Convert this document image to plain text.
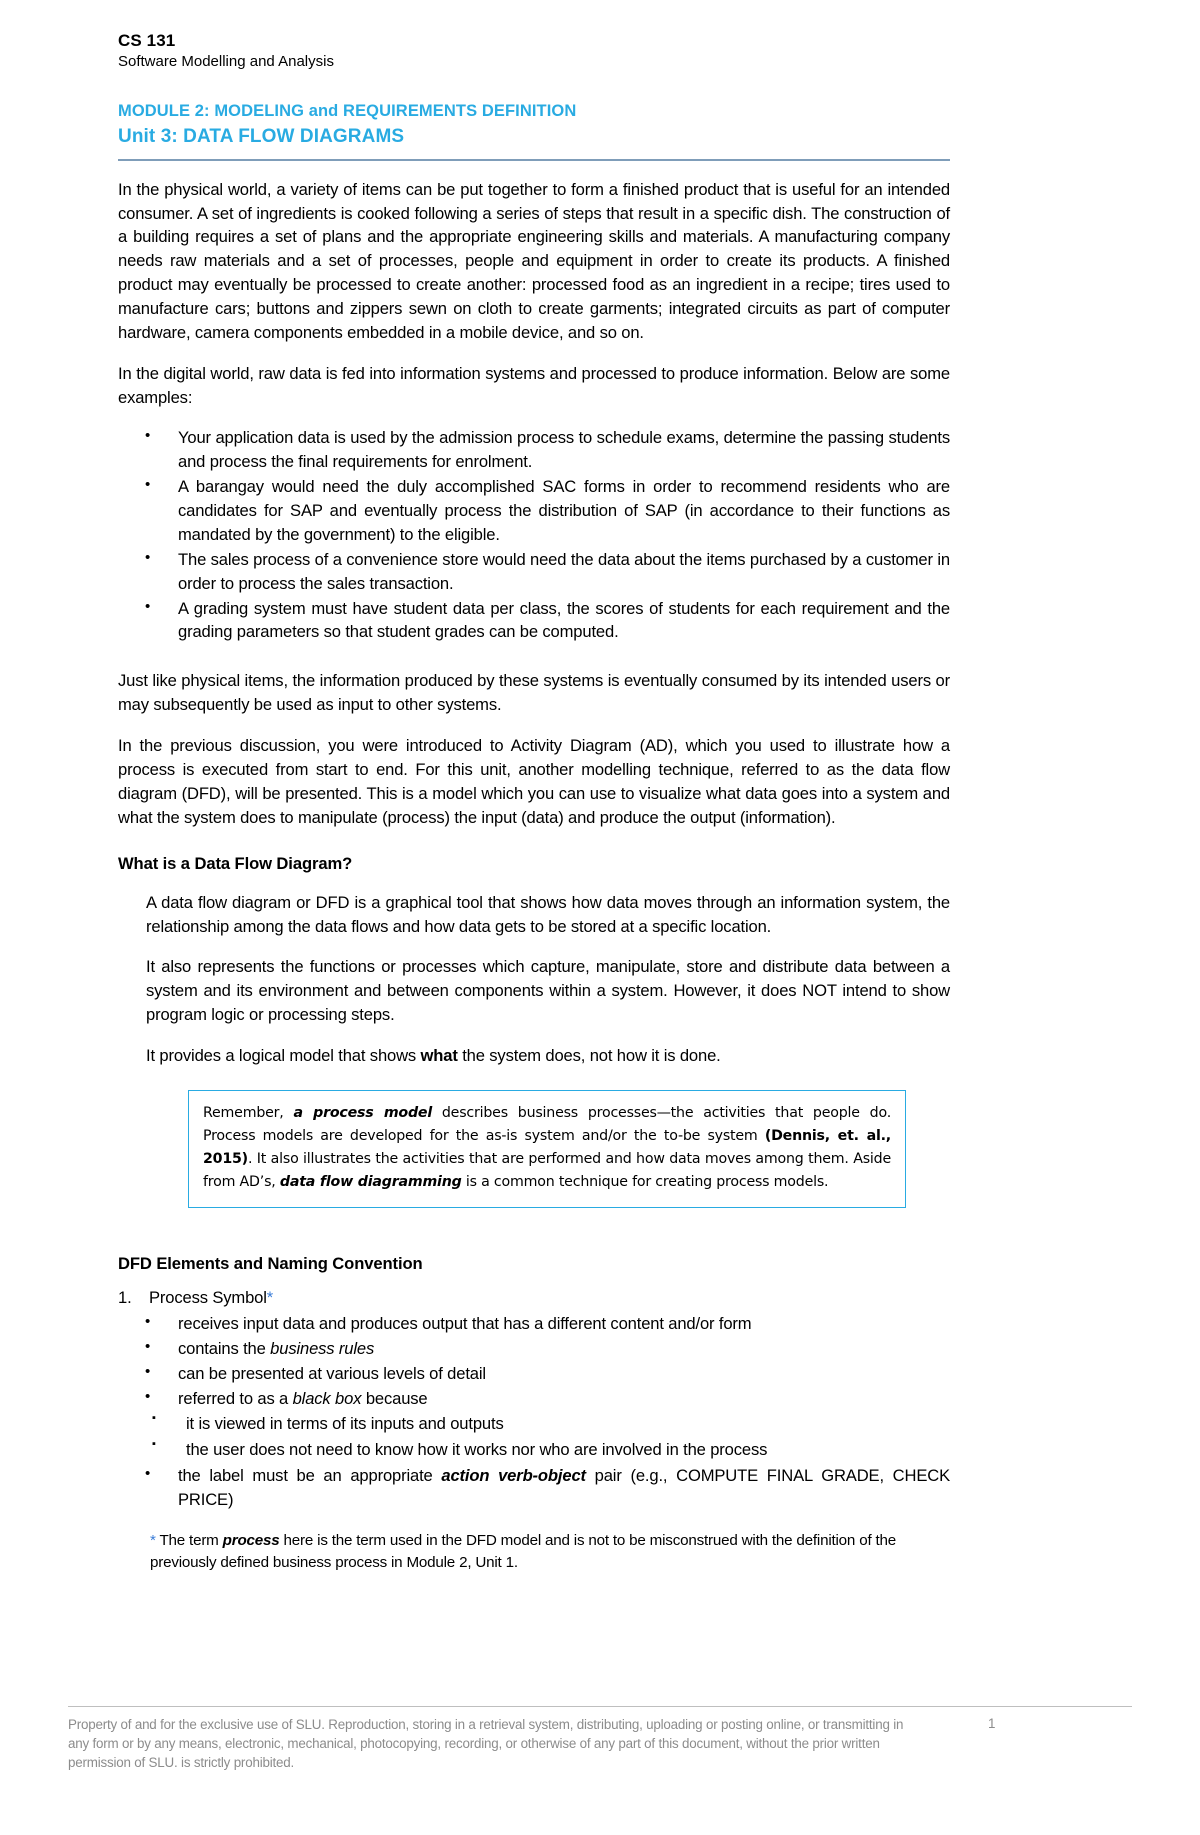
CS 131
Software Modelling and Analysis
MODULE 2: MODELING and REQUIREMENTS DEFINITION
Unit 3: DATA FLOW DIAGRAMS

In the physical world, a variety of items can be put together to form a finished product that is useful for an intended consumer. A set of ingredients is cooked following a series of steps that result in a specific dish. The construction of a building requires a set of plans and the appropriate engineering skills and materials. A manufacturing company needs raw materials and a set of processes, people and equipment in order to create its products. A finished product may eventually be processed to create another: processed food as an ingredient in a recipe; tires used to manufacture cars; buttons and zippers sewn on cloth to create garments; integrated circuits as part of computer hardware, camera components embedded in a mobile device, and so on.

In the digital world, raw data is fed into information systems and processed to produce information. Below are some examples:

• Your application data is used by the admission process to schedule exams, determine the passing students and process the final requirements for enrolment.
• A barangay would need the duly accomplished SAC forms in order to recommend residents who are candidates for SAP and eventually process the distribution of SAP (in accordance to their functions as mandated by the government) to the eligible.
• The sales process of a convenience store would need the data about the items purchased by a customer in order to process the sales transaction.
• A grading system must have student data per class, the scores of students for each requirement and the grading parameters so that student grades can be computed.

Just like physical items, the information produced by these systems is eventually consumed by its intended users or may subsequently be used as input to other systems.

In the previous discussion, you were introduced to Activity Diagram (AD), which you used to illustrate how a process is executed from start to end. For this unit, another modelling technique, referred to as the data flow diagram (DFD), will be presented. This is a model which you can use to visualize what data goes into a system and what the system does to manipulate (process) the input (data) and produce the output (information).

What is a Data Flow Diagram?

A data flow diagram or DFD is a graphical tool that shows how data moves through an information system, the relationship among the data flows and how data gets to be stored at a specific location.

It also represents the functions or processes which capture, manipulate, store and distribute data between a system and its environment and between components within a system. However, it does NOT intend to show program logic or processing steps.

It provides a logical model that shows what the system does, not how it is done.

Remember, a process model describes business processes—the activities that people do. Process models are developed for the as-is system and/or the to-be system (Dennis, et. al., 2015). It also illustrates the activities that are performed and how data moves among them. Aside from AD’s, data flow diagramming is a common technique for creating process models.

DFD Elements and Naming Convention
1. Process Symbol*
• receives input data and produces output that has a different content and/or form
• contains the business rules
• can be presented at various levels of detail
• referred to as a black box because
▪ it is viewed in terms of its inputs and outputs
▪ the user does not need to know how it works nor who are involved in the process
• the label must be an appropriate action verb-object pair (e.g., COMPUTE FINAL GRADE, CHECK PRICE)

* The term process here is the term used in the DFD model and is not to be misconstrued with the definition of the previously defined business process in Module 2, Unit 1.

Property of and for the exclusive use of SLU. Reproduction, storing in a retrieval system, distributing, uploading or posting online, or transmitting in any form or by any means, electronic, mechanical, photocopying, recording, or otherwise of any part of this document, without the prior written permission of SLU. is strictly prohibited.
1
